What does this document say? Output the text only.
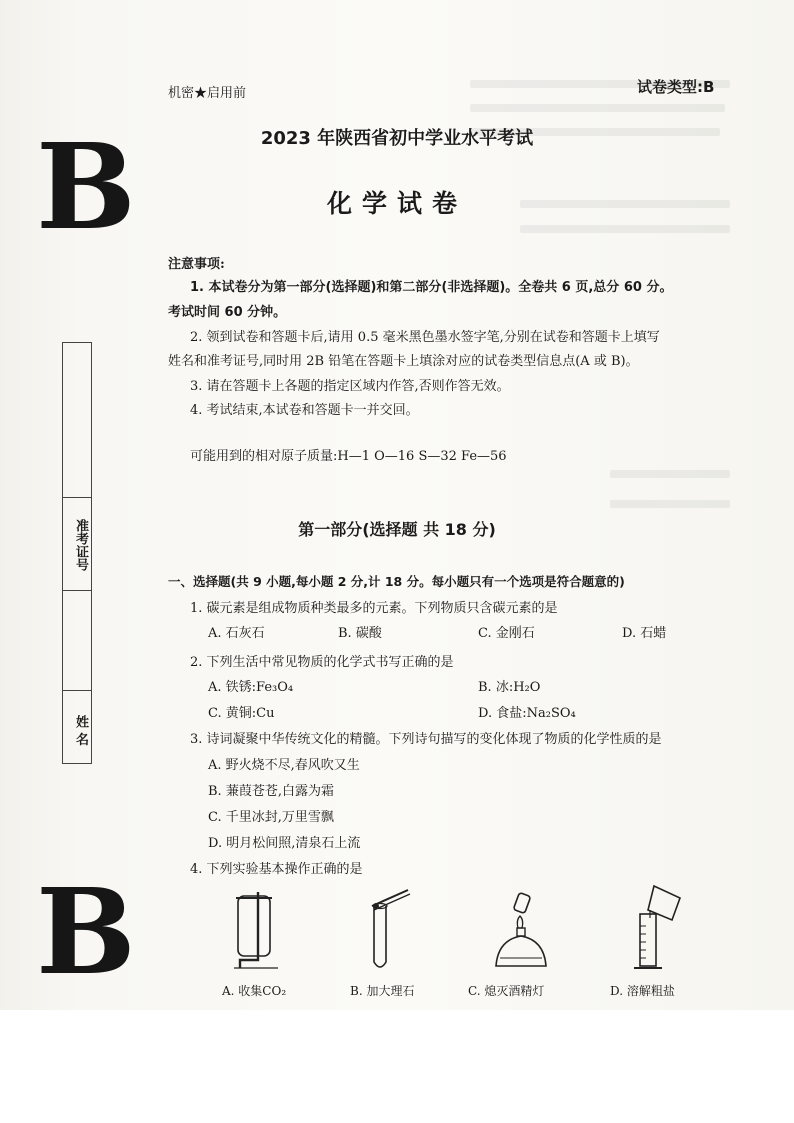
B
B
准考证号
姓 名
机密★启用前	试卷类型:B
2023 年陕西省初中学业水平考试
化学试卷
注意事项:
1. 本试卷分为第一部分(选择题)和第二部分(非选择题)。全卷共 6 页,总分 60 分。
考试时间 60 分钟。
2. 领到试卷和答题卡后,请用 0.5 毫米黑色墨水签字笔,分别在试卷和答题卡上填写
姓名和准考证号,同时用 2B 铅笔在答题卡上填涂对应的试卷类型信息点(A 或 B)。
3. 请在答题卡上各题的指定区域内作答,否则作答无效。
4. 考试结束,本试卷和答题卡一并交回。
可能用到的相对原子质量:H—1 O—16 S—32 Fe—56
第一部分(选择题 共 18 分)
一、选择题(共 9 小题,每小题 2 分,计 18 分。每小题只有一个选项是符合题意的)
1. 碳元素是组成物质种类最多的元素。下列物质只含碳元素的是
A. 石灰石	B. 碳酸	C. 金刚石	D. 石蜡
2. 下列生活中常见物质的化学式书写正确的是
A. 铁锈:Fe₃O₄	B. 冰:H₂O
C. 黄铜:Cu	D. 食盐:Na₂SO₄
3. 诗词凝聚中华传统文化的精髓。下列诗句描写的变化体现了物质的化学性质的是
A. 野火烧不尽,春风吹又生
B. 蒹葭苍苍,白露为霜
C. 千里冰封,万里雪飘
D. 明月松间照,清泉石上流
4. 下列实验基本操作正确的是
A. 收集CO₂	B. 加大理石	C. 熄灭酒精灯	D. 溶解粗盐
